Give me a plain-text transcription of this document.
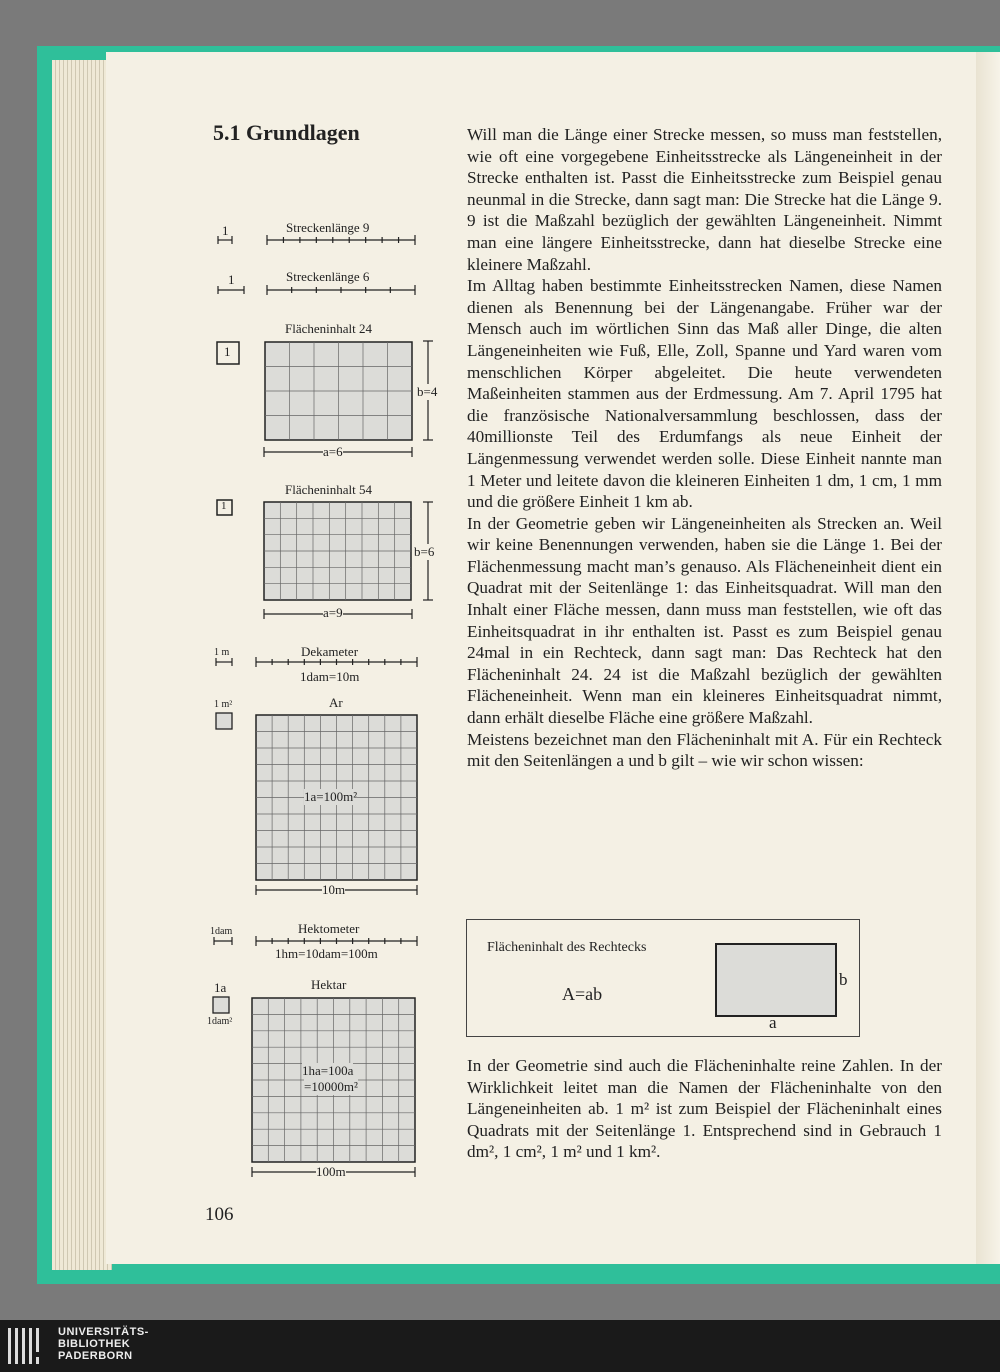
5.1 Grundlagen	Will man die Länge einer Strecke messen, so muss man feststellen, wie oft eine vorgegebene Einheitsstrecke als Längeneinheit in der Strecke enthalten ist. Passt die Einheitsstrecke zum Beispiel genau neunmal in die Strecke, dann sagt man: Die Strecke hat die Länge 9. 9 ist die Maßzahl bezüglich der gewählten Längeneinheit. Nimmt man eine längere Einheitsstrecke, dann hat dieselbe Strecke eine kleinere Maßzahl.

Im Alltag haben bestimmte Einheitsstrecken Namen, diese Namen dienen als Benennung bei der Längenangabe. Früher war der Mensch auch im wörtlichen Sinn das Maß aller Dinge, die alten Längeneinheiten wie Fuß, Elle, Zoll, Spanne und Yard waren vom menschlichen Körper abgeleitet. Die heute verwendeten Maßeinheiten stammen aus der Erdmessung. Am 7. April 1795 hat die französische Nationalversammlung beschlossen, dass der 40millionste Teil des Erdumfangs als neue Einheit der Längenmessung verwendet werden solle. Diese Einheit nannte man 1 Meter und leitete davon die kleineren Einheiten 1 dm, 1 cm, 1 mm und die größere Einheit 1 km ab.

In der Geometrie geben wir Längeneinheiten als Strecken an. Weil wir keine Benennungen verwenden, haben sie die Länge 1. Bei der Flächenmessung macht man’s genauso. Als Flächeneinheit dient ein Quadrat mit der Seitenlänge 1: das Einheitsquadrat. Will man den Inhalt einer Fläche messen, dann muss man feststellen, wie oft das Einheitsquadrat in ihr enthalten ist. Passt es zum Beispiel genau 24mal in ein Rechteck, dann sagt man: Das Rechteck hat den Flächeninhalt 24. 24 ist die Maßzahl bezüglich der gewählten Flächeneinheit. Wenn man ein kleineres Einheitsquadrat nimmt, dann erhält dieselbe Fläche eine größere Maßzahl.

Meistens bezeichnet man den Flächeninhalt mit A. Für ein Rechteck mit den Seitenlängen a und b gilt – wie wir schon wissen:

Flächeninhalt des Rechtecks
A=ab
b
a
In der Geometrie sind auch die Flächeninhalte reine Zahlen. In der Wirklichkeit leitet man die Namen der Flächeninhalte von den Längeneinheiten ab. 1 m² ist zum Beispiel der Flächeninhalt eines Quadrats mit der Seitenlänge 1. Entsprechend sind in Gebrauch 1 dm², 1 cm², 1 m² und 1 km².
106
1	Streckenlänge 9
1	Streckenlänge 6
1
Flächeninhalt 24
b=4
a=6
1
Flächeninhalt 54
b=6
a=9
1 m	Dekameter
1dam=10m
1 m²	Ar
1a=100m²
10m
1dam	Hektometer
1hm=10dam=100m
1a
1dam²
Hektar
1ha=100a
=10000m²
100m
UNIVERSITÄTS-
BIBLIOTHEK
PADERBORN
